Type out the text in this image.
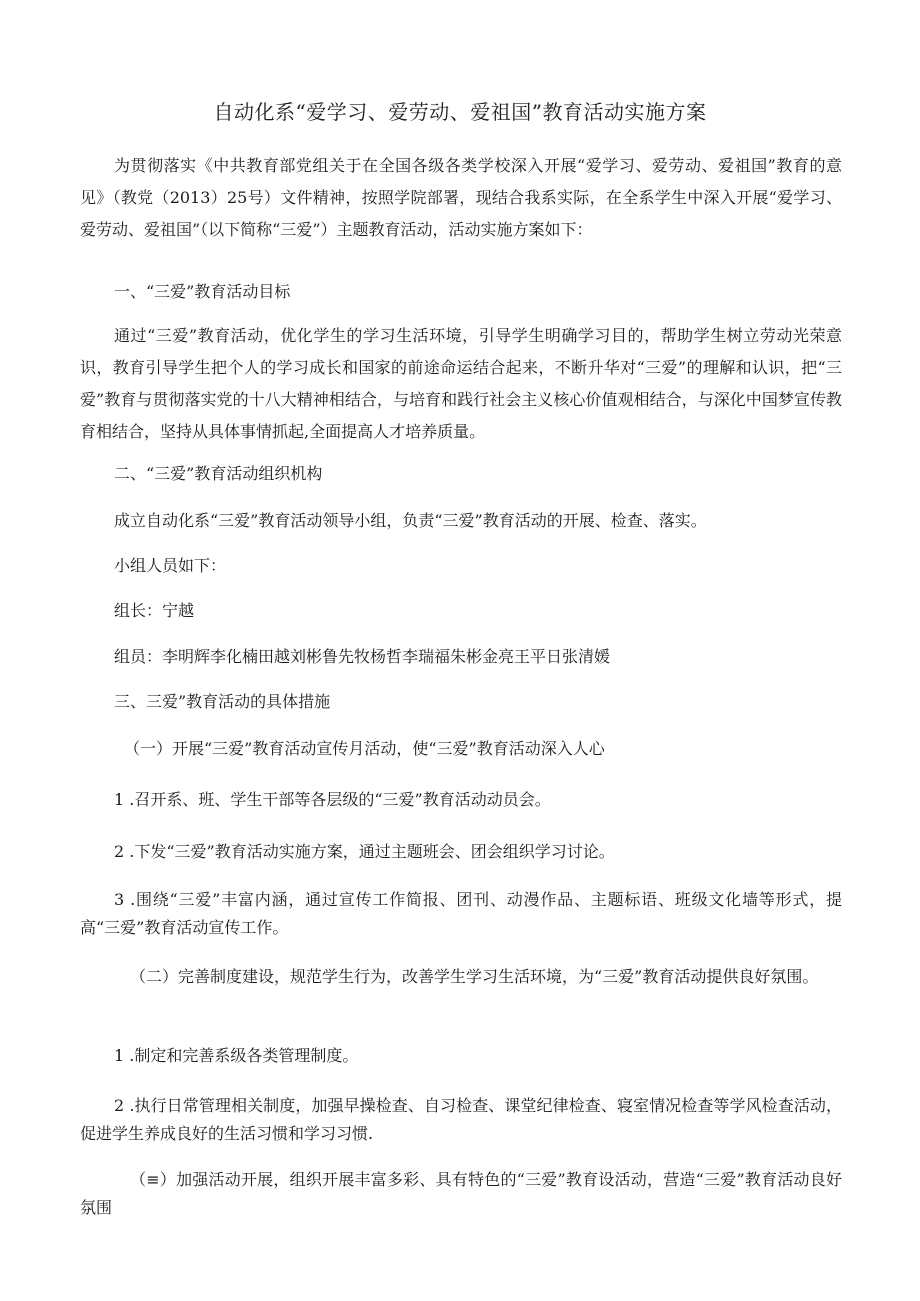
自动化系“爱学习、爱劳动、爱祖国”教育活动实施方案
为贯彻落实《中共教育部党组关于在全国各级各类学校深入开展“爱学习、爱劳动、爱祖国”教育的意见》（教党（2013）25号）文件精神，按照学院部署，现结合我系实际，在全系学生中深入开展“爱学习、爱劳动、爱祖国”（以下简称“三爱”）主题教育活动，活动实施方案如下：
一、“三爱”教育活动目标
通过“三爱”教育活动，优化学生的学习生活环境，引导学生明确学习目的，帮助学生树立劳动光荣意识，教育引导学生把个人的学习成长和国家的前途命运结合起来，不断升华对“三爱”的理解和认识，把“三爱”教育与贯彻落实党的十八大精神相结合，与培育和践行社会主义核心价值观相结合，与深化中国梦宣传教育相结合，坚持从具体事情抓起,全面提高人才培养质量。
二、“三爱”教育活动组织机构
成立自动化系“三爱”教育活动领导小组，负责“三爱”教育活动的开展、检查、落实。
小组人员如下：
组长：宁越
组员：李明辉李化楠田越刘彬鲁先牧杨哲李瑞福朱彬金亮王平日张清媛
三、三爱”教育活动的具体措施
（一）开展“三爱”教育活动宣传月活动，使“三爱”教育活动深入人心
1 .召开系、班、学生干部等各层级的“三爱”教育活动动员会。
2 .下发“三爱”教育活动实施方案，通过主题班会、团会组织学习讨论。
3 .围绕“三爱”丰富内涵，通过宣传工作简报、团刊、动漫作品、主题标语、班级文化墙等形式，提高“三爱”教育活动宣传工作。
（二）完善制度建设，规范学生行为，改善学生学习生活环境，为“三爱”教育活动提供良好氛围。
1 .制定和完善系级各类管理制度。
2 .执行日常管理相关制度，加强早操检查、自习检查、课堂纪律检查、寝室情况检查等学风检查活动，促进学生养成良好的生活习惯和学习习惯.
（≡）加强活动开展，组织开展丰富多彩、具有特色的“三爱”教育设活动，营造“三爱”教育活动良好氛围
